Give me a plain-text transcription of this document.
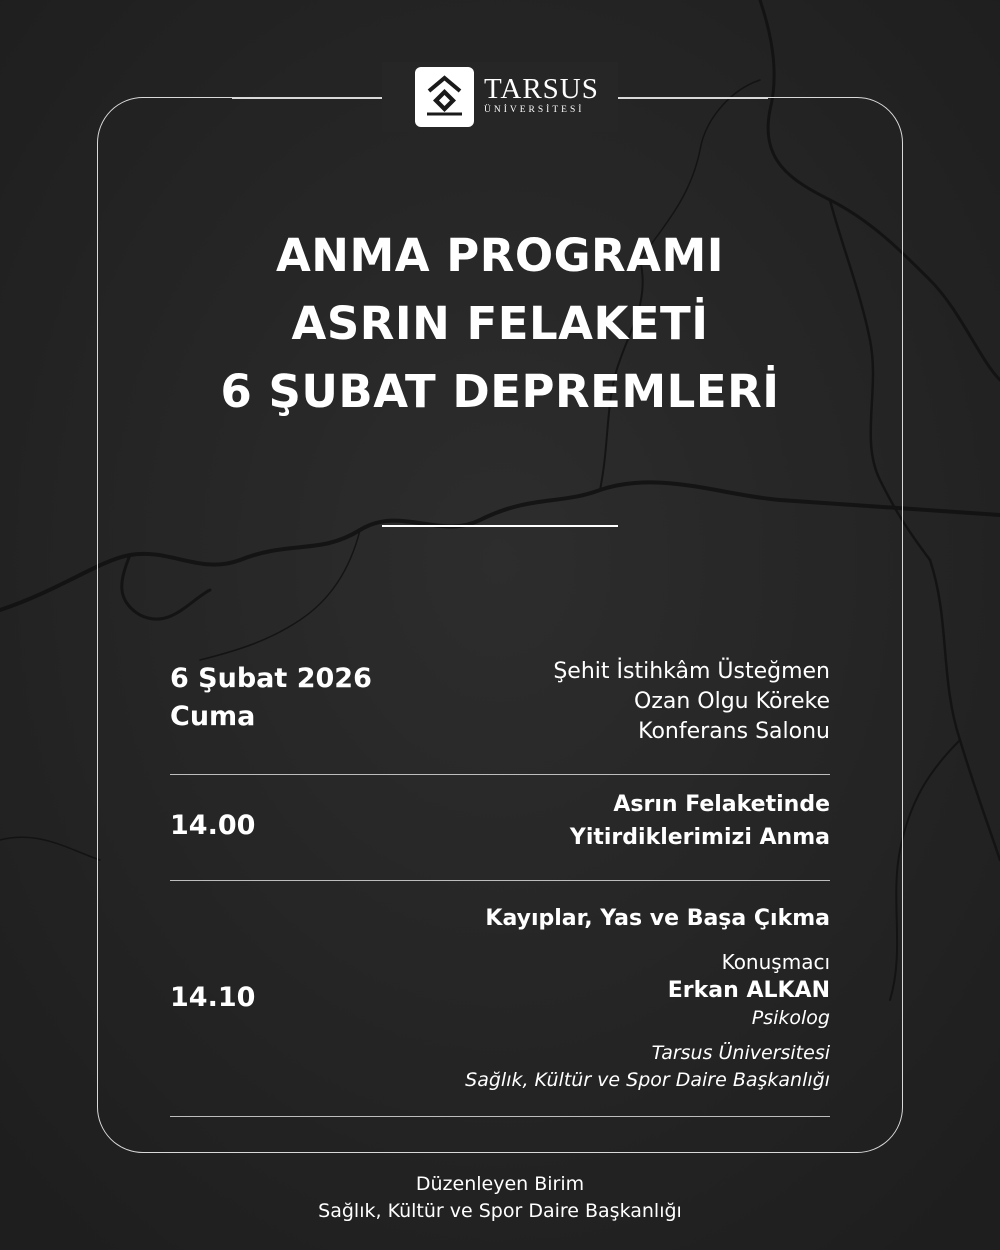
TARSUS
ÜNİVERSİTESİ
ANMA PROGRAMI
ASRIN FELAKETİ
6 ŞUBAT DEPREMLERİ
6 Şubat 2026
Cuma
Şehit İstihkâm Üsteğmen
Ozan Olgu Köreke
Konferans Salonu
14.00
Asrın Felaketinde
Yitirdiklerimizi Anma
14.10
Kayıplar, Yas ve Başa Çıkma
Konuşmacı
Erkan ALKAN
Psikolog
Tarsus Üniversitesi
Sağlık, Kültür ve Spor Daire Başkanlığı
Düzenleyen Birim
Sağlık, Kültür ve Spor Daire Başkanlığı
